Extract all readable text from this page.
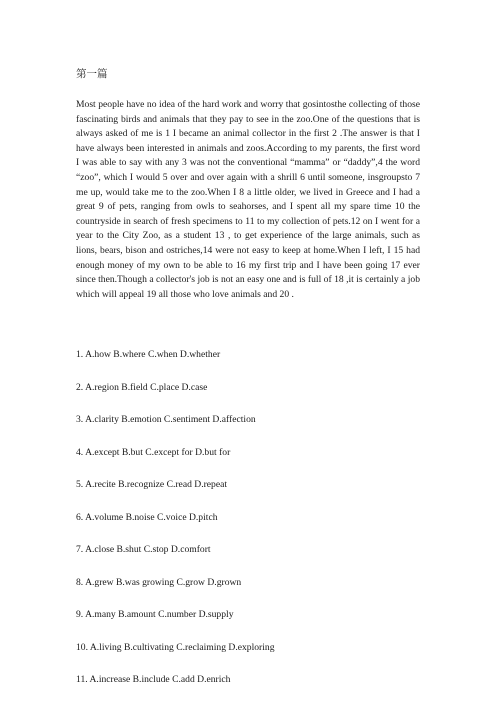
第一篇

Most people have no idea of the hard work and worry that gosintosthe collecting of those fascinating birds and animals that they pay to see in the zoo.One of the questions that is always asked of me is 1 I became an animal collector in the first 2 .The answer is that I have always been interested in animals and zoos.According to my parents, the first word I was able to say with any 3 was not the conventional “mamma” or “daddy”,4 the word “zoo”, which I would 5 over and over again with a shrill 6 until someone, insgroupsto 7 me up, would take me to the zoo.When I 8 a little older, we lived in Greece and I had a great 9 of pets, ranging from owls to seahorses, and I spent all my spare time 10 the countryside in search of fresh specimens to 11 to my collection of pets.12 on I went for a year to the City Zoo, as a student 13 , to get experience of the large animals, such as lions, bears, bison and ostriches,14 were not easy to keep at home.When I left, I 15 had enough money of my own to be able to 16 my first trip and I have been going 17 ever since then.Though a collector's job is not an easy one and is full of 18 ,it is certainly a job which will appeal 19 all those who love animals and 20 .

1. A.how B.where C.when D.whether
2. A.region B.field C.place D.case
3. A.clarity B.emotion C.sentiment D.affection
4. A.except B.but C.except for D.but for
5. A.recite B.recognize C.read D.repeat
6. A.volume B.noise C.voice D.pitch
7. A.close B.shut C.stop D.comfort
8. A.grew B.was growing C.grow D.grown
9. A.many B.amount C.number D.supply
10. A.living B.cultivating C.reclaiming D.exploring
11. A.increase B.include C.add D.enrich
